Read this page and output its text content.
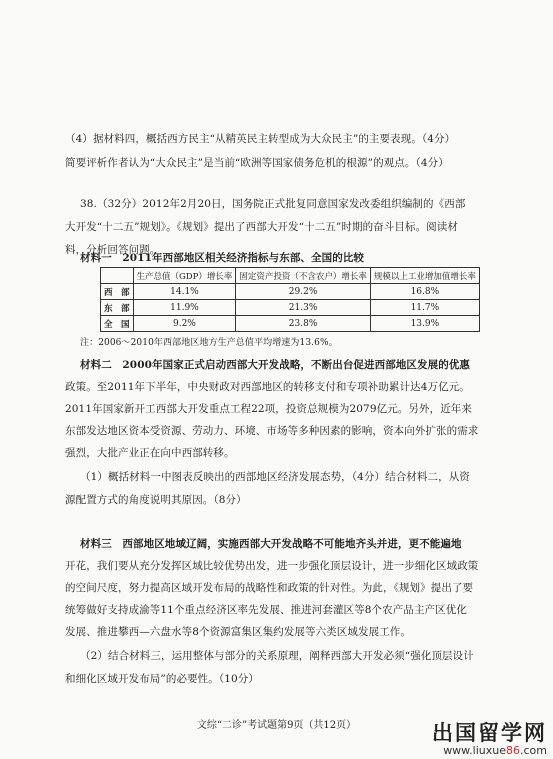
（4）据材料四，概括西方民主“从精英民主转型成为大众民主”的主要表现。（4分）
简要评析作者认为“大众民主”是当前“欧洲等国家债务危机的根源”的观点。（4分）
38.（32分）2012年2月20日，国务院正式批复同意国家发改委组织编制的《西部
大开发“十二五”规划》。《规划》提出了西部大开发“十二五”时期的奋斗目标。阅读材
料，分析回答问题。
材料一　2011年西部地区相关经济指标与东部、全国的比较
	生产总值（GDP）增长率	固定资产投资（不含农户）增长率	规模以上工业增加值增长率
西　部	14.1%	29.2%	16.8%
东　部	11.9%	21.3%	11.7%
全　国	9.2%	23.8%	13.9%
注：2006～2010年西部地区地方生产总值平均增速为13.6%。
材料二　2000年国家正式启动西部大开发战略，不断出台促进西部地区发展的优惠
政策。至2011年下半年，中央财政对西部地区的转移支付和专项补助累计达4万亿元。
2011年国家新开工西部大开发重点工程22项，投资总规模为2079亿元。另外，近年来
东部发达地区资本受资源、劳动力、环境、市场等多种因素的影响，资本向外扩张的需求
强烈，大批产业正在向中西部转移。
（1）概括材料一中图表反映出的西部地区经济发展态势，（4分）结合材料二，从资
源配置方式的角度说明其原因。（8分）
材料三　西部地区地域辽阔，实施西部大开发战略不可能地齐头并进，更不能遍地
开花，我们要从充分发挥区域比较优势出发，进一步强化顶层设计，进一步细化区域政策
的空间尺度，努力提高区域开发布局的战略性和政策的针对性。为此，《规划》提出了要
统筹做好支持成渝等11个重点经济区率先发展、推进河套灌区等8个农产品主产区优化
发展、推进攀西—六盘水等8个资源富集区集约发展等六类区域发展工作。
（2）结合材料三，运用整体与部分的关系原理，阐释西部大开发必须“强化顶层设计
和细化区域开发布局”的必要性。（10分）
文综“二诊”考试题第9页（共12页）	出国留学网
www.liuxue86.com
